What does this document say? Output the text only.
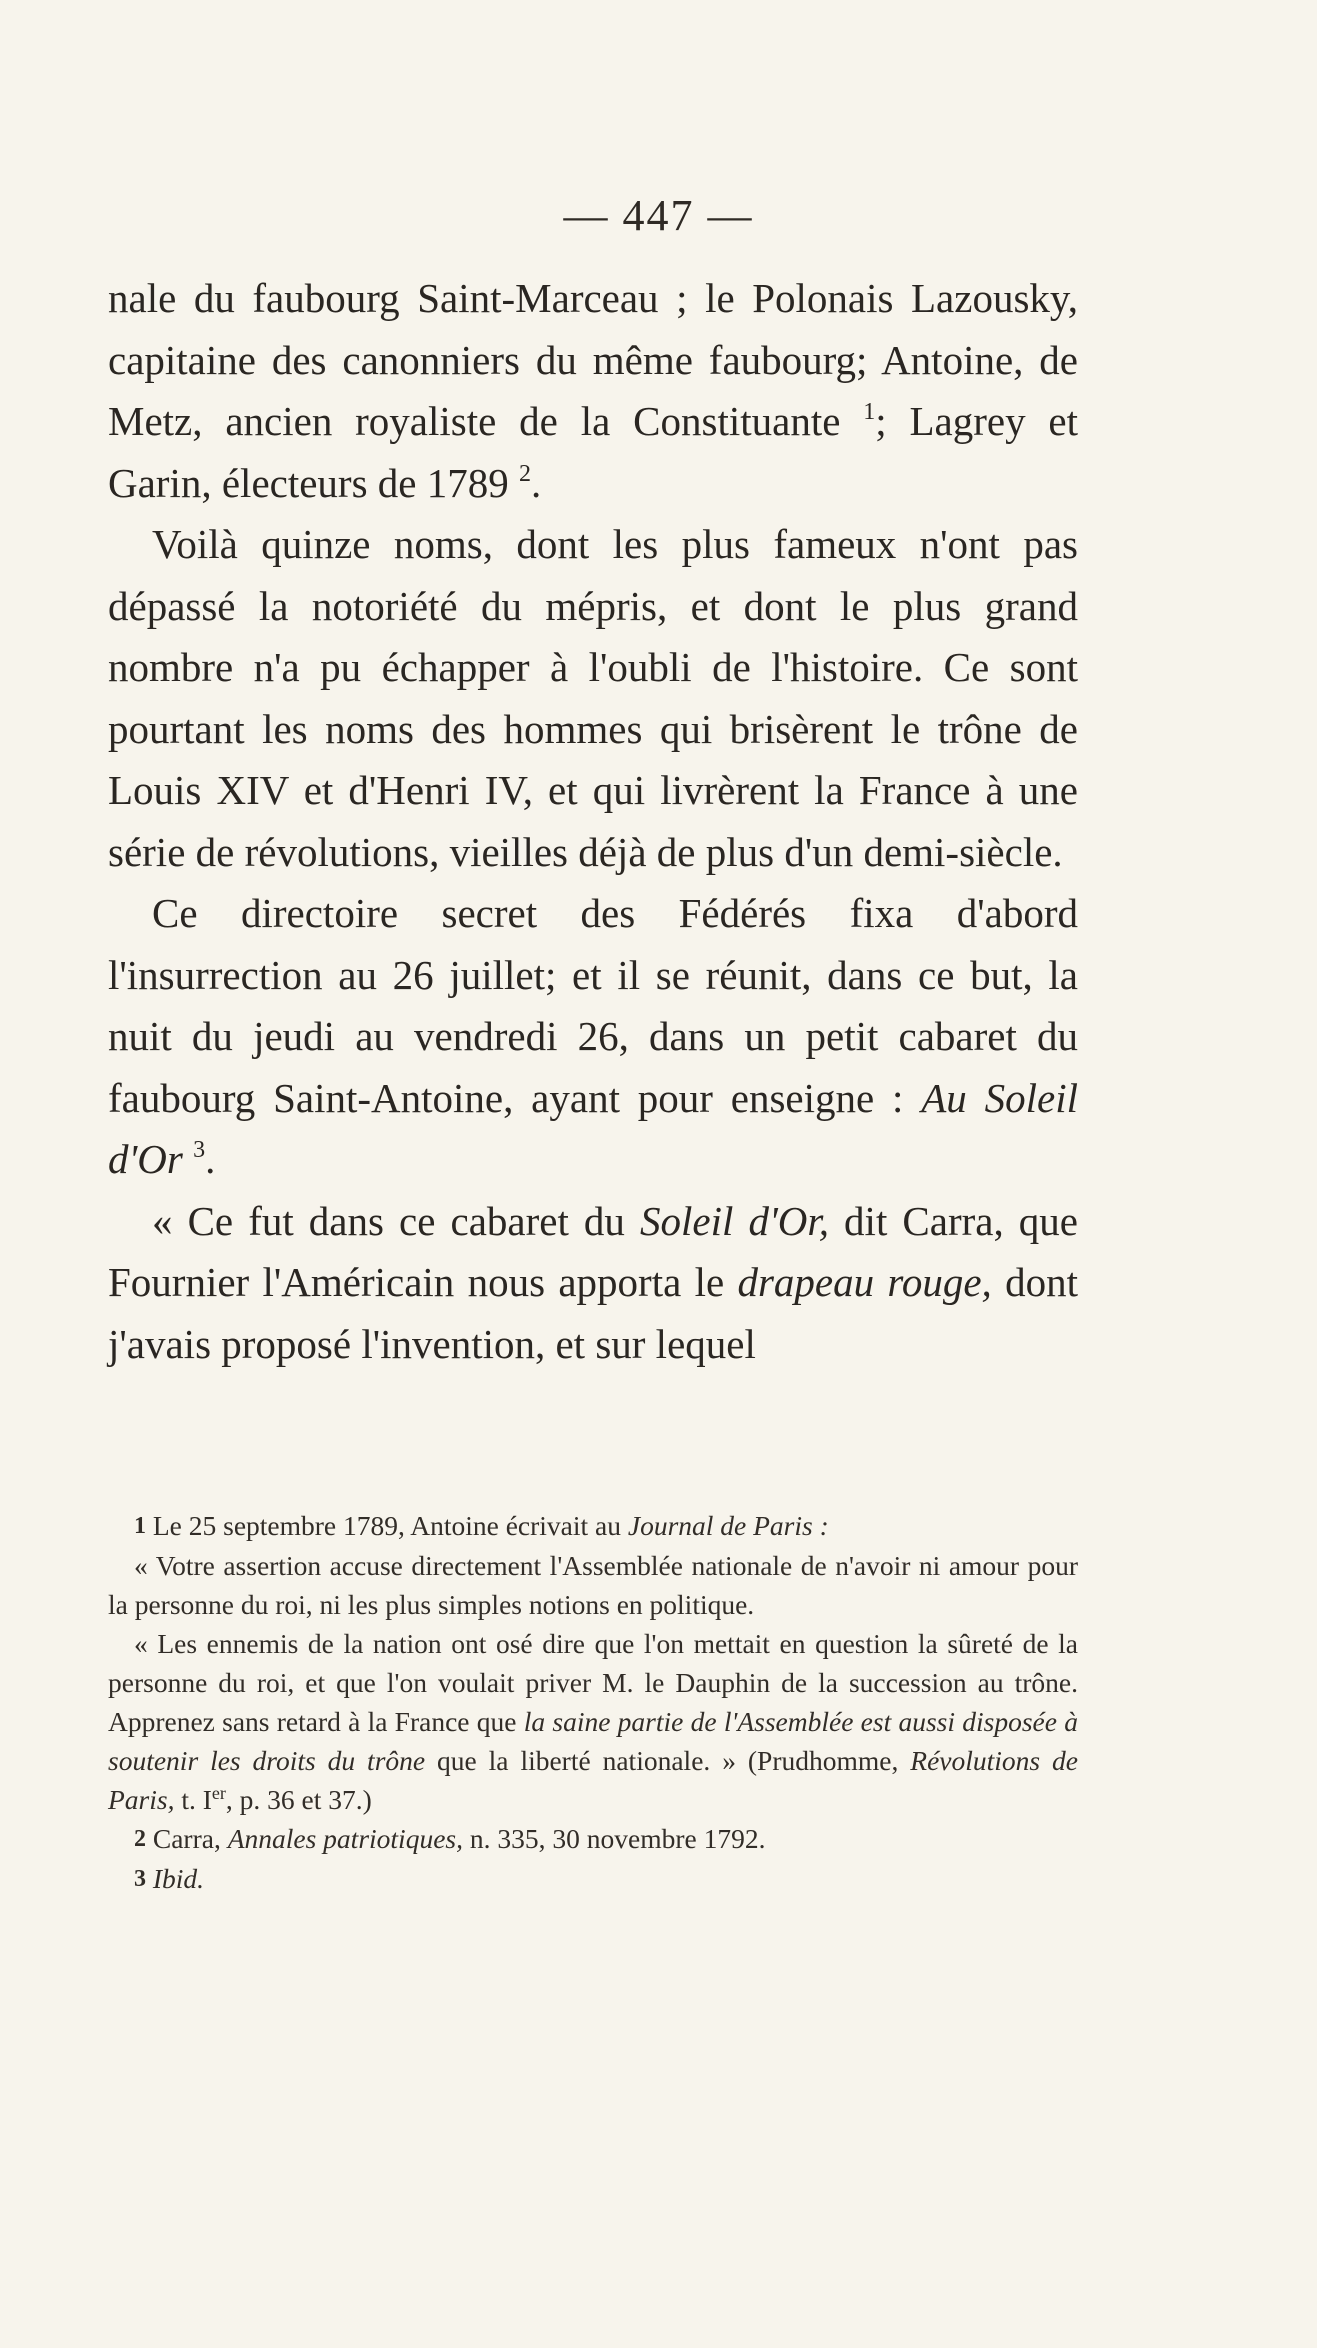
— 447 —

nale du faubourg Saint-Marceau ; le Polonais Lazousky, capitaine des canonniers du même faubourg; Antoine, de Metz, ancien royaliste de la Constituante $^1$; Lagrey et Garin, électeurs de 1789 $^2$.

Voilà quinze noms, dont les plus fameux n'ont pas dépassé la notoriété du mépris, et dont le plus grand nombre n'a pu échapper à l'oubli de l'histoire. Ce sont pourtant les noms des hommes qui brisèrent le trône de Louis XIV et d'Henri IV, et qui livrèrent la France à une série de révolutions, vieilles déjà de plus d'un demi-siècle.

Ce directoire secret des Fédérés fixa d'abord l'insurrection au 26 juillet; et il se réunit, dans ce but, la nuit du jeudi au vendredi 26, dans un petit cabaret du faubourg Saint-Antoine, ayant pour enseigne : Au Soleil d'Or $^3$.

« Ce fut dans ce cabaret du Soleil d'Or, dit Carra, que Fournier l'Américain nous apporta le drapeau rouge, dont j'avais proposé l'invention, et sur lequel

1 Le 25 septembre 1789, Antoine écrivait au Journal de Paris :

« Votre assertion accuse directement l'Assemblée nationale de n'avoir ni amour pour la personne du roi, ni les plus simples notions en politique.

« Les ennemis de la nation ont osé dire que l'on mettait en question la sûreté de la personne du roi, et que l'on voulait priver M. le Dauphin de la succession au trône. Apprenez sans retard à la France que la saine partie de l'Assemblée est aussi disposée à soutenir les droits du trône que la liberté nationale. » (Prudhomme, Révolutions de Paris, t. Ier, p. 36 et 37.)

2 Carra, Annales patriotiques, n. 335, 30 novembre 1792.

3 Ibid.
